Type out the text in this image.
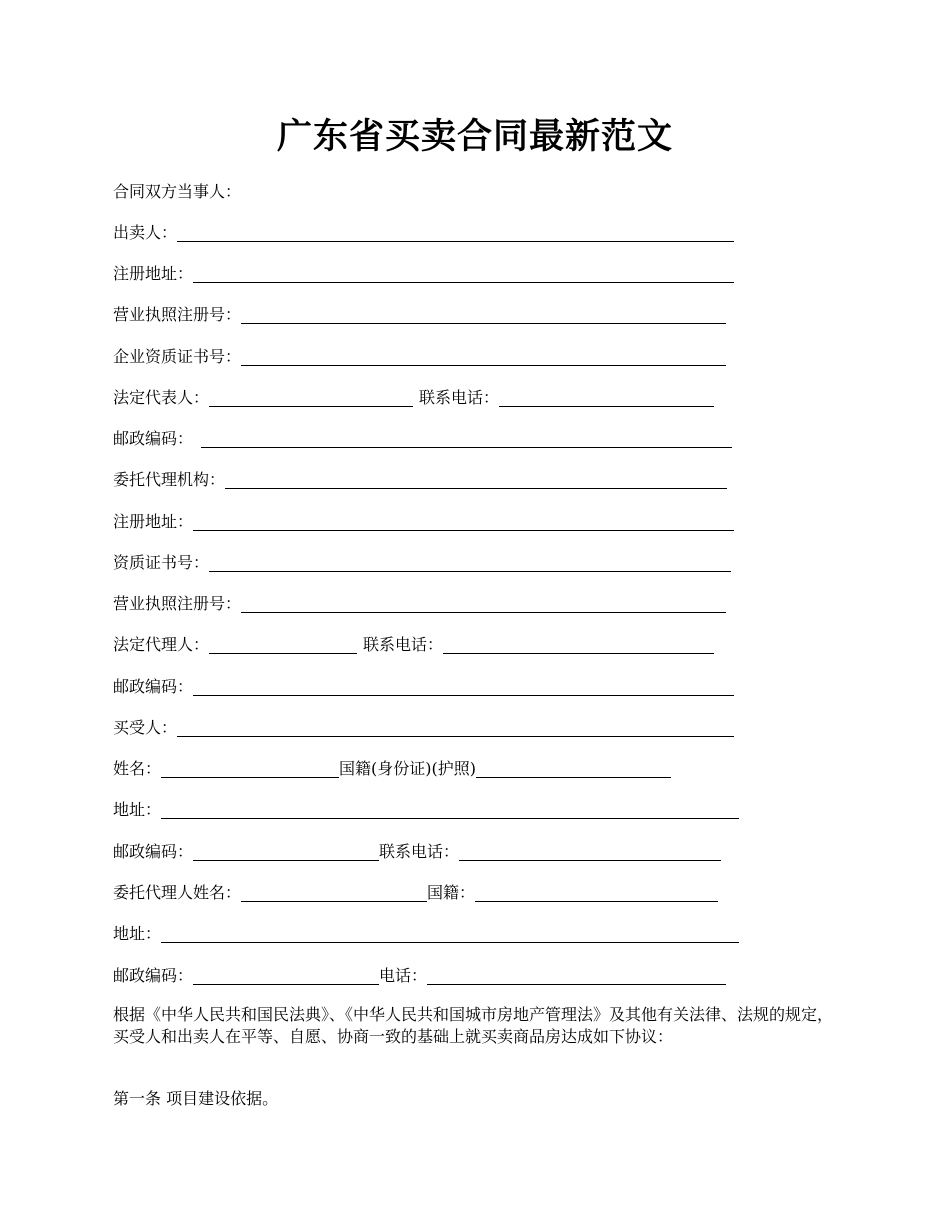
广东省买卖合同最新范文
合同双方当事人：
出卖人：
注册地址：
营业执照注册号：
企业资质证书号：
法定代表人：	联系电话：
邮政编码：
委托代理机构：
注册地址：
资质证书号：
营业执照注册号：
法定代理人：	联系电话：
邮政编码：
买受人：
姓名：	国籍(身份证)(护照)
地址：
邮政编码：	联系电话：
委托代理人姓名：	国籍：
地址：
邮政编码：	电话：
根据《中华人民共和国民法典》、《中华人民共和国城市房地产管理法》及其他有关法律、法规的规定，买受人和出卖人在平等、自愿、协商一致的基础上就买卖商品房达成如下协议：
第一条 项目建设依据。
